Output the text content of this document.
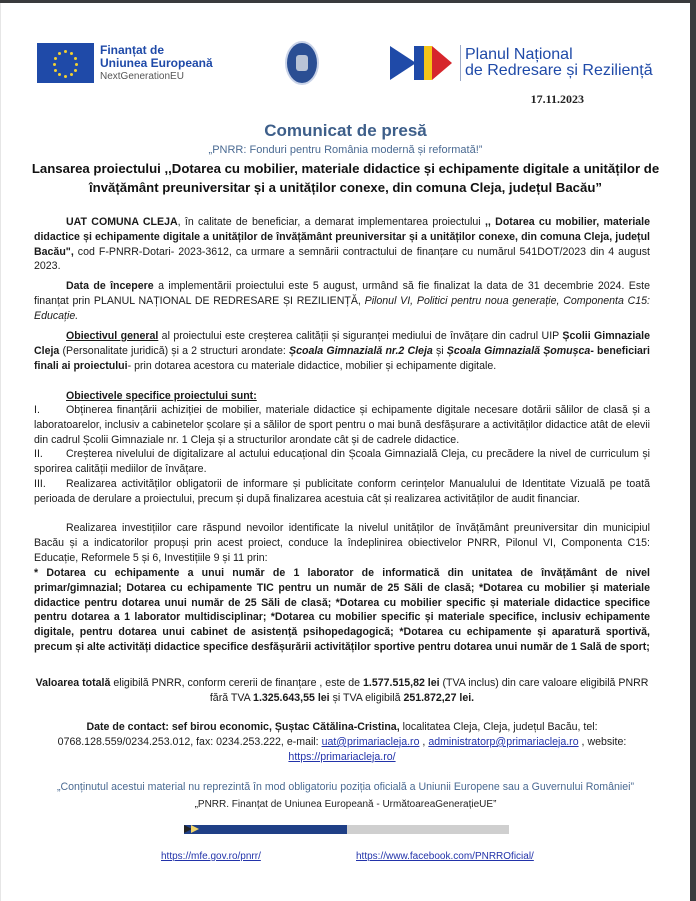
Finanțat de
Uniunea Europeană
NextGenerationEU
Planul Național
de Redresare și Reziliență
17.11.2023
Comunicat de presă
„PNRR: Fonduri pentru România modernă și reformată!”
Lansarea proiectului ,,Dotarea cu mobilier, materiale didactice și echipamente digitale a unităților de învățământ preuniversitar și a unităților conexe, din comuna Cleja, județul Bacău”
UAT COMUNA CLEJA, în calitate de beneficiar, a demarat implementarea proiectului ,, Dotarea cu mobilier, materiale didactice și echipamente digitale a unităților de învățământ preuniversitar și a unităților conexe, din comuna Cleja, județul Bacău", cod F-PNRR-Dotari- 2023-3612, ca urmare a semnării contractului de finanțare cu numărul 541DOT/2023 din 4 august 2023.
Data de începere a implementării proiectului este 5 august, urmând să fie finalizat la data de 31 decembrie 2024. Este finanțat prin PLANUL NAȚIONAL DE REDRESARE ȘI REZILIENȚĂ, Pilonul VI, Politici pentru noua generație, Componenta C15: Educație.
Obiectivul general al proiectului este creșterea calității și siguranței mediului de învățare din cadrul UIP Școlii Gimnaziale Cleja (Personalitate juridică) și a 2 structuri arondate: Școala Gimnazială nr.2 Cleja și Școala Gimnazială Șomușca- beneficiari finali ai proiectului- prin dotarea acestora cu materiale didactice, mobilier și echipamente digitale.
Obiectivele specifice proiectului sunt:
I. Obținerea finanțării achiziției de mobilier, materiale didactice și echipamente digitale necesare dotării sălilor de clasă și a laboratoarelor, inclusiv a cabinetelor școlare și a sălilor de sport pentru o mai bună desfășurare a activităților didactice atât de elevii din cadrul Școlii Gimnaziale nr. 1 Cleja și a structurilor arondate cât și de cadrele didactice.
II. Creșterea nivelului de digitalizare al actului educațional din Școala Gimnazială Cleja, cu precădere la nivel de curriculum și sporirea calității mediilor de învățare.
III. Realizarea activităților obligatorii de informare și publicitate conform cerințelor Manualului de Identitate Vizuală pe toată perioada de derulare a proiectului, precum și după finalizarea acestuia cât și realizarea activităților de audit financiar.
Realizarea investițiilor care răspund nevoilor identificate la nivelul unităților de învățământ preuniversitar din municipiul Bacău și a indicatorilor propuși prin acest proiect, conduce la îndeplinirea obiectivelor PNRR, Pilonul VI, Componenta C15: Educație, Reformele 5 și 6, Investițiile 9 și 11 prin:
* Dotarea cu echipamente a unui număr de 1 laborator de informatică din unitatea de învățământ de nivel primar/gimnazial; Dotarea cu echipamente TIC pentru un număr de 25 Săli de clasă; *Dotarea cu mobilier și materiale didactice pentru dotarea unui număr de 25 Săli de clasă; *Dotarea cu mobilier specific și materiale didactice specifice pentru dotarea a 1 laborator multidisciplinar; *Dotarea cu mobilier specific și materiale specifice, inclusiv echipamente digitale, pentru dotarea unui cabinet de asistență psihopedagogică; *Dotarea cu echipamente și aparatură sportivă, precum și alte activități didactice specifice desfășurării activităților sportive pentru dotarea unui număr de 1 Sală de sport;
Valoarea totală eligibilă PNRR, conform cererii de finanțare , este de 1.577.515,82 lei (TVA inclus) din care valoare eligibilă PNRR fără TVA 1.325.643,55 lei și TVA eligibilă 251.872,27 lei.
Date de contact: sef birou economic, Șuștac Cătălina-Cristina, localitatea Cleja, Cleja, județul Bacău, tel: 0768.128.559/0234.253.012, fax: 0234.253.222, e-mail: uat@primariacleja.ro , administratorp@primariacleja.ro , website: https://primariacleja.ro/
„Conținutul acestui material nu reprezintă în mod obligatoriu poziția oficială a Uniunii Europene sau a Guvernului României”
„PNRR. Finanțat de Uniunea Europeană - UrmătoareaGenerațieUE”
https://mfe.gov.ro/pnrr/	https://www.facebook.com/PNRROficial/
